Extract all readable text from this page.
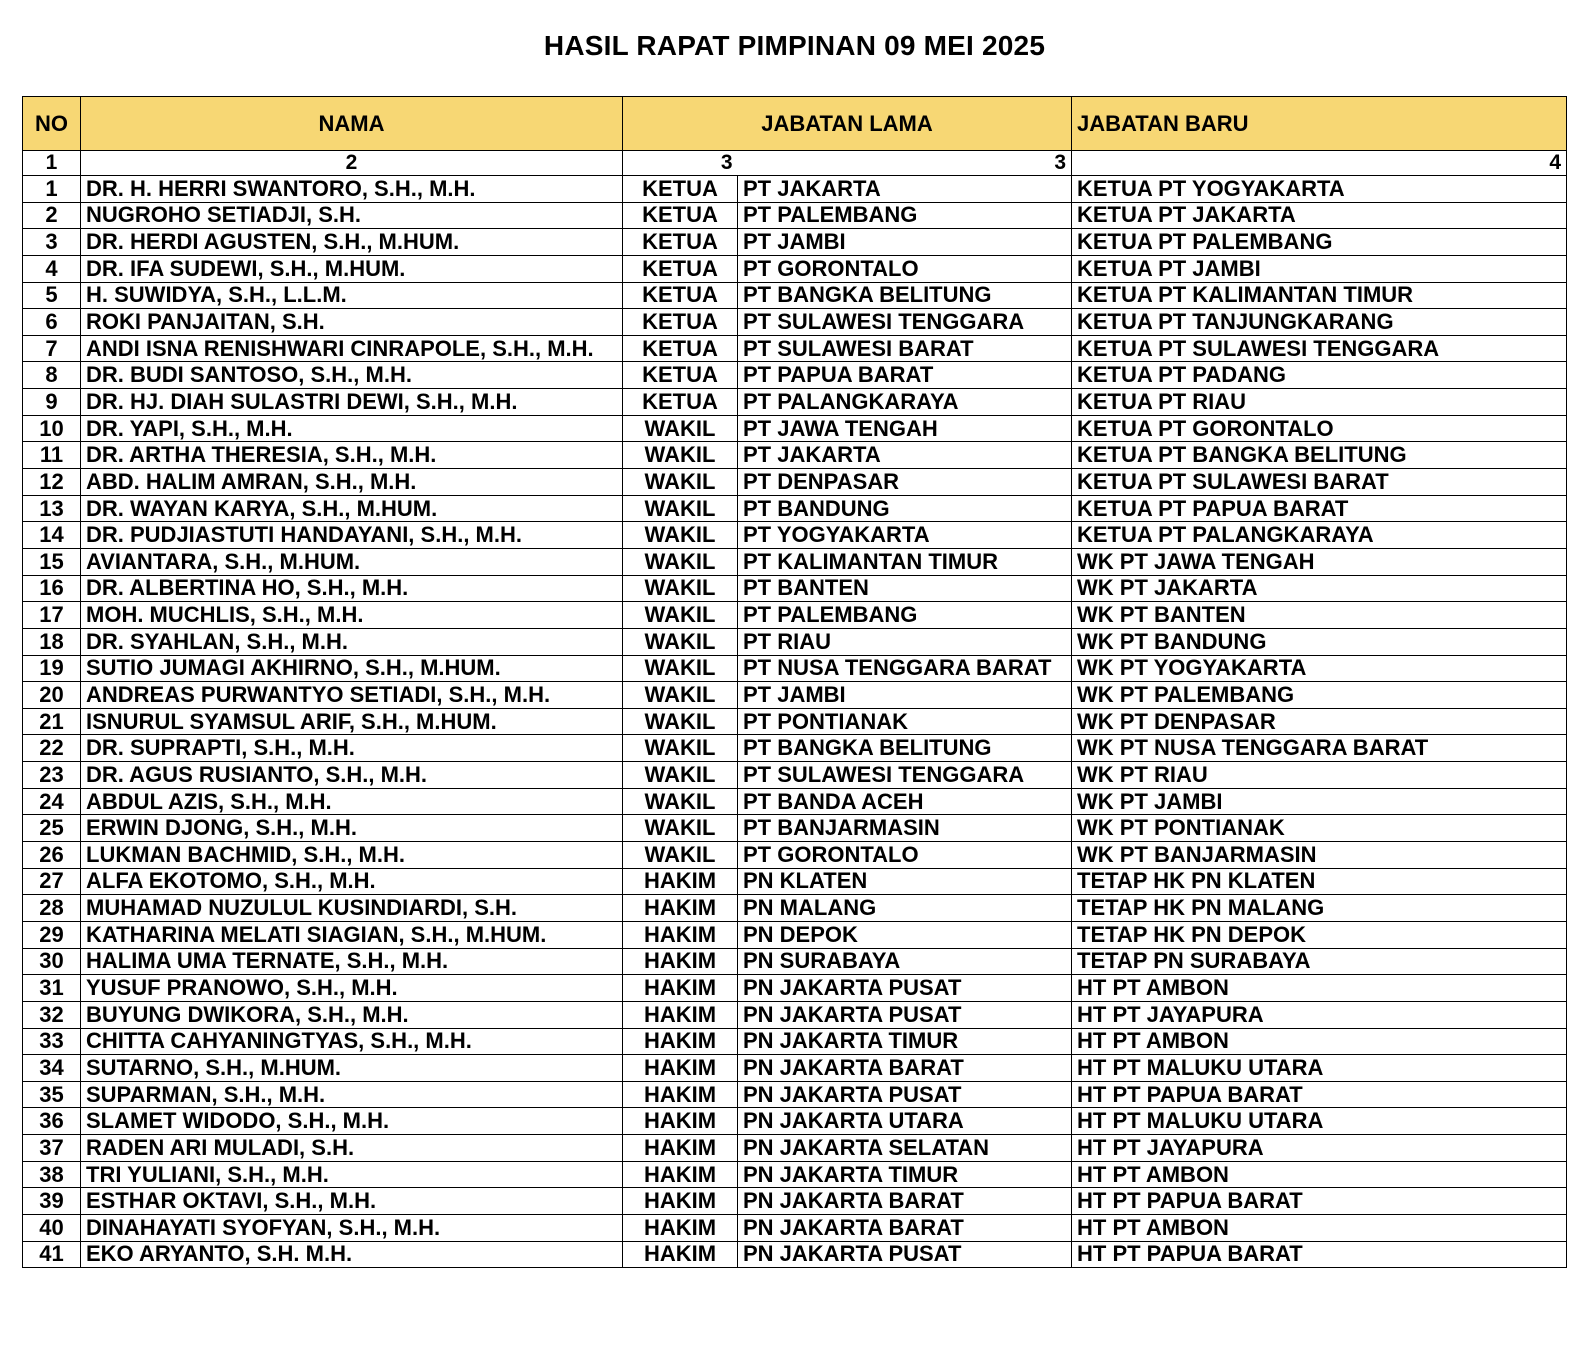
HASIL RAPAT PIMPINAN 09 MEI 2025
NO	NAMA	JABATAN LAMA		JABATAN BARU
1	2	3	3	4
1	DR. H. HERRI SWANTORO, S.H., M.H.	KETUA	PT JAKARTA	KETUA PT YOGYAKARTA
2	NUGROHO SETIADJI, S.H.	KETUA	PT PALEMBANG	KETUA PT JAKARTA
3	DR. HERDI AGUSTEN, S.H., M.HUM.	KETUA	PT JAMBI	KETUA PT PALEMBANG
4	DR. IFA SUDEWI, S.H., M.HUM.	KETUA	PT GORONTALO	KETUA PT JAMBI
5	H. SUWIDYA, S.H., L.L.M.	KETUA	PT BANGKA BELITUNG	KETUA PT KALIMANTAN TIMUR
6	ROKI PANJAITAN, S.H.	KETUA	PT SULAWESI TENGGARA	KETUA PT TANJUNGKARANG
7	ANDI ISNA RENISHWARI CINRAPOLE, S.H., M.H.	KETUA	PT SULAWESI BARAT	KETUA PT SULAWESI TENGGARA
8	DR. BUDI SANTOSO, S.H., M.H.	KETUA	PT PAPUA BARAT	KETUA PT PADANG
9	DR. HJ. DIAH SULASTRI DEWI, S.H., M.H.	KETUA	PT PALANGKARAYA	KETUA PT RIAU
10	DR. YAPI, S.H., M.H.	WAKIL	PT JAWA TENGAH	KETUA PT GORONTALO
11	DR. ARTHA THERESIA, S.H., M.H.	WAKIL	PT JAKARTA	KETUA PT BANGKA BELITUNG
12	ABD. HALIM AMRAN, S.H., M.H.	WAKIL	PT DENPASAR	KETUA PT SULAWESI BARAT
13	DR. WAYAN KARYA, S.H., M.HUM.	WAKIL	PT BANDUNG	KETUA PT PAPUA BARAT
14	DR. PUDJIASTUTI HANDAYANI, S.H., M.H.	WAKIL	PT YOGYAKARTA	KETUA PT PALANGKARAYA
15	AVIANTARA, S.H., M.HUM.	WAKIL	PT KALIMANTAN TIMUR	WK PT JAWA TENGAH
16	DR. ALBERTINA HO, S.H., M.H.	WAKIL	PT BANTEN	WK PT JAKARTA
17	MOH. MUCHLIS, S.H., M.H.	WAKIL	PT PALEMBANG	WK PT BANTEN
18	DR. SYAHLAN, S.H., M.H.	WAKIL	PT RIAU	WK PT BANDUNG
19	SUTIO JUMAGI AKHIRNO, S.H., M.HUM.	WAKIL	PT NUSA TENGGARA BARAT	WK PT YOGYAKARTA
20	ANDREAS PURWANTYO SETIADI, S.H., M.H.	WAKIL	PT JAMBI	WK PT PALEMBANG
21	ISNURUL SYAMSUL ARIF, S.H., M.HUM.	WAKIL	PT PONTIANAK	WK PT DENPASAR
22	DR. SUPRAPTI, S.H., M.H.	WAKIL	PT BANGKA BELITUNG	WK PT NUSA TENGGARA BARAT
23	DR. AGUS RUSIANTO, S.H., M.H.	WAKIL	PT SULAWESI TENGGARA	WK PT RIAU
24	ABDUL AZIS, S.H., M.H.	WAKIL	PT BANDA ACEH	WK PT JAMBI
25	ERWIN DJONG, S.H., M.H.	WAKIL	PT BANJARMASIN	WK PT PONTIANAK
26	LUKMAN BACHMID, S.H., M.H.	WAKIL	PT GORONTALO	WK PT BANJARMASIN
27	ALFA EKOTOMO, S.H., M.H.	HAKIM	PN KLATEN	TETAP HK PN KLATEN
28	MUHAMAD NUZULUL KUSINDIARDI, S.H.	HAKIM	PN MALANG	TETAP HK PN MALANG
29	KATHARINA MELATI SIAGIAN, S.H., M.HUM.	HAKIM	PN DEPOK	TETAP HK PN DEPOK
30	HALIMA UMA TERNATE, S.H., M.H.	HAKIM	PN SURABAYA	TETAP PN SURABAYA
31	YUSUF PRANOWO, S.H., M.H.	HAKIM	PN JAKARTA PUSAT	HT PT AMBON
32	BUYUNG DWIKORA, S.H., M.H.	HAKIM	PN JAKARTA PUSAT	HT PT JAYAPURA
33	CHITTA CAHYANINGTYAS, S.H., M.H.	HAKIM	PN JAKARTA TIMUR	HT PT AMBON
34	SUTARNO, S.H., M.HUM.	HAKIM	PN JAKARTA BARAT	HT PT MALUKU UTARA
35	SUPARMAN, S.H., M.H.	HAKIM	PN JAKARTA PUSAT	HT PT PAPUA BARAT
36	SLAMET WIDODO, S.H., M.H.	HAKIM	PN JAKARTA UTARA	HT PT MALUKU UTARA
37	RADEN ARI MULADI, S.H.	HAKIM	PN JAKARTA SELATAN	HT PT JAYAPURA
38	TRI YULIANI, S.H., M.H.	HAKIM	PN JAKARTA TIMUR	HT PT AMBON
39	ESTHAR OKTAVI, S.H., M.H.	HAKIM	PN JAKARTA BARAT	HT PT PAPUA BARAT
40	DINAHAYATI SYOFYAN, S.H., M.H.	HAKIM	PN JAKARTA BARAT	HT PT AMBON
41	EKO ARYANTO, S.H. M.H.	HAKIM	PN JAKARTA PUSAT	HT PT PAPUA BARAT
